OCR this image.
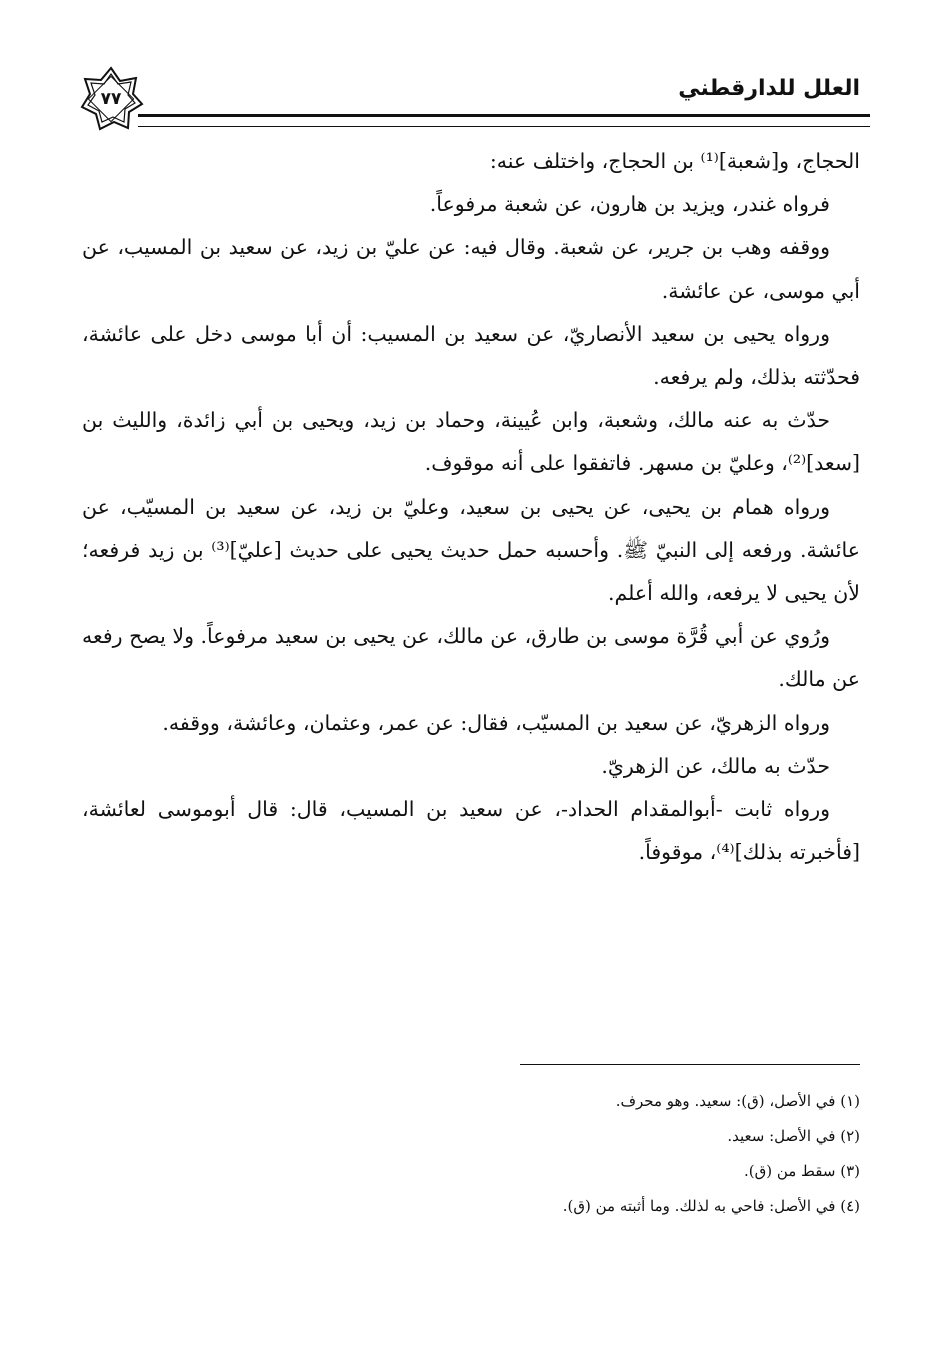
العلل للدارقطني
٧٧

الحجاج، و[شعبة]⁽¹⁾ بن الحجاج، واختلف عنه:

فرواه غندر، ويزيد بن هارون، عن شعبة مرفوعاً.

ووقفه وهب بن جرير، عن شعبة. وقال فيه: عن عليّ بن زيد، عن سعيد بن المسيب، عن أبي موسى، عن عائشة.

ورواه يحيى بن سعيد الأنصاريّ، عن سعيد بن المسيب: أن أبا موسى دخل على عائشة، فحدّثته بذلك، ولم يرفعه.

حدّث به عنه مالك، وشعبة، وابن عُيينة، وحماد بن زيد، ويحيى بن أبي زائدة، والليث بن [سعد]⁽²⁾، وعليّ بن مسهر. فاتفقوا على أنه موقوف.

ورواه همام بن يحيى، عن يحيى بن سعيد، وعليّ بن زيد، عن سعيد بن المسيّب، عن عائشة. ورفعه إلى النبيّ ﷺ. وأحسبه حمل حديث يحيى على حديث [عليّ]⁽³⁾ بن زيد فرفعه؛ لأن يحيى لا يرفعه، والله أعلم.

ورُوي عن أبي قُرَّة موسى بن طارق، عن مالك، عن يحيى بن سعيد مرفوعاً. ولا يصح رفعه عن مالك.

ورواه الزهريّ، عن سعيد بن المسيّب، فقال: عن عمر، وعثمان، وعائشة، ووقفه.

حدّث به مالك، عن الزهريّ.

ورواه ثابت -أبوالمقدام الحداد-، عن سعيد بن المسيب، قال: قال أبوموسى لعائشة، [فأخبرته بذلك]⁽⁴⁾، موقوفاً.

(١) في الأصل، (ق): سعيد. وهو محرف.

(٢) في الأصل: سعيد.

(٣) سقط من (ق).

(٤) في الأصل: فاحي به لذلك. وما أثبته من (ق).
